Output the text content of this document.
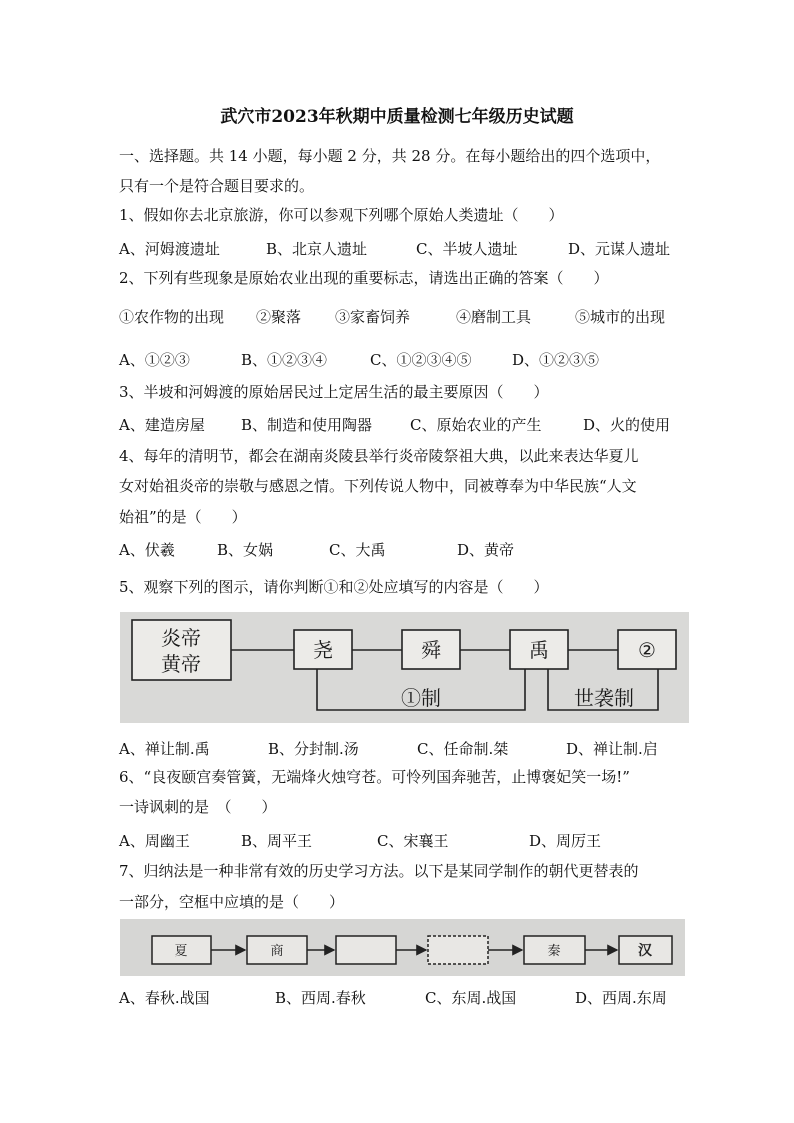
武穴市2023年秋期中质量检测七年级历史试题
一、选择题。共 14 小题，每小题 2 分，共 28 分。在每小题给出的四个选项中，
只有一个是符合题目要求的。
1、假如你去北京旅游，你可以参观下列哪个原始人类遗址（　　）
A、河姆渡遗址	B、北京人遗址	C、半坡人遗址	D、元谋人遗址
2、下列有些现象是原始农业出现的重要标志，请选出正确的答案（　　）
①农作物的出现 ②聚落 ③家畜饲养	④磨制工具	⑤城市的出现
A、①②③	B、①②③④	C、①②③④⑤	D、①②③⑤
3、半坡和河姆渡的原始居民过上定居生活的最主要原因（　　）
A、建造房屋 B、制造和使用陶器	C、原始农业的产生	D、火的使用
4、每年的清明节，都会在湖南炎陵县举行炎帝陵祭祖大典，以此来表达华夏儿
女对始祖炎帝的崇敬与感恩之情。下列传说人物中，同被尊奉为中华民族“人文
始祖”的是（　　）
A、伏羲	B、女娲	C、大禹	D、黄帝
5、观察下列的图示，请你判断①和②处应填写的内容是（　　）
炎帝
黄帝
尧	舜	禹	②
①制	世袭制
A、禅让制.禹	B、分封制.汤	C、任命制.桀	D、禅让制.启
6、“良夜颐宫奏管簧，无端烽火烛穹苍。可怜列国奔驰苦，止博褒妃笑一场!”
一诗讽刺的是　（　　）
A、周幽王	B、周平王	C、宋襄王	D、周厉王
7、归纳法是一种非常有效的历史学习方法。以下是某同学制作的朝代更替表的
一部分，空框中应填的是（　　）
夏	商	秦	汉
A、春秋.战国	B、西周.春秋	C、东周.战国	D、西周.东周
